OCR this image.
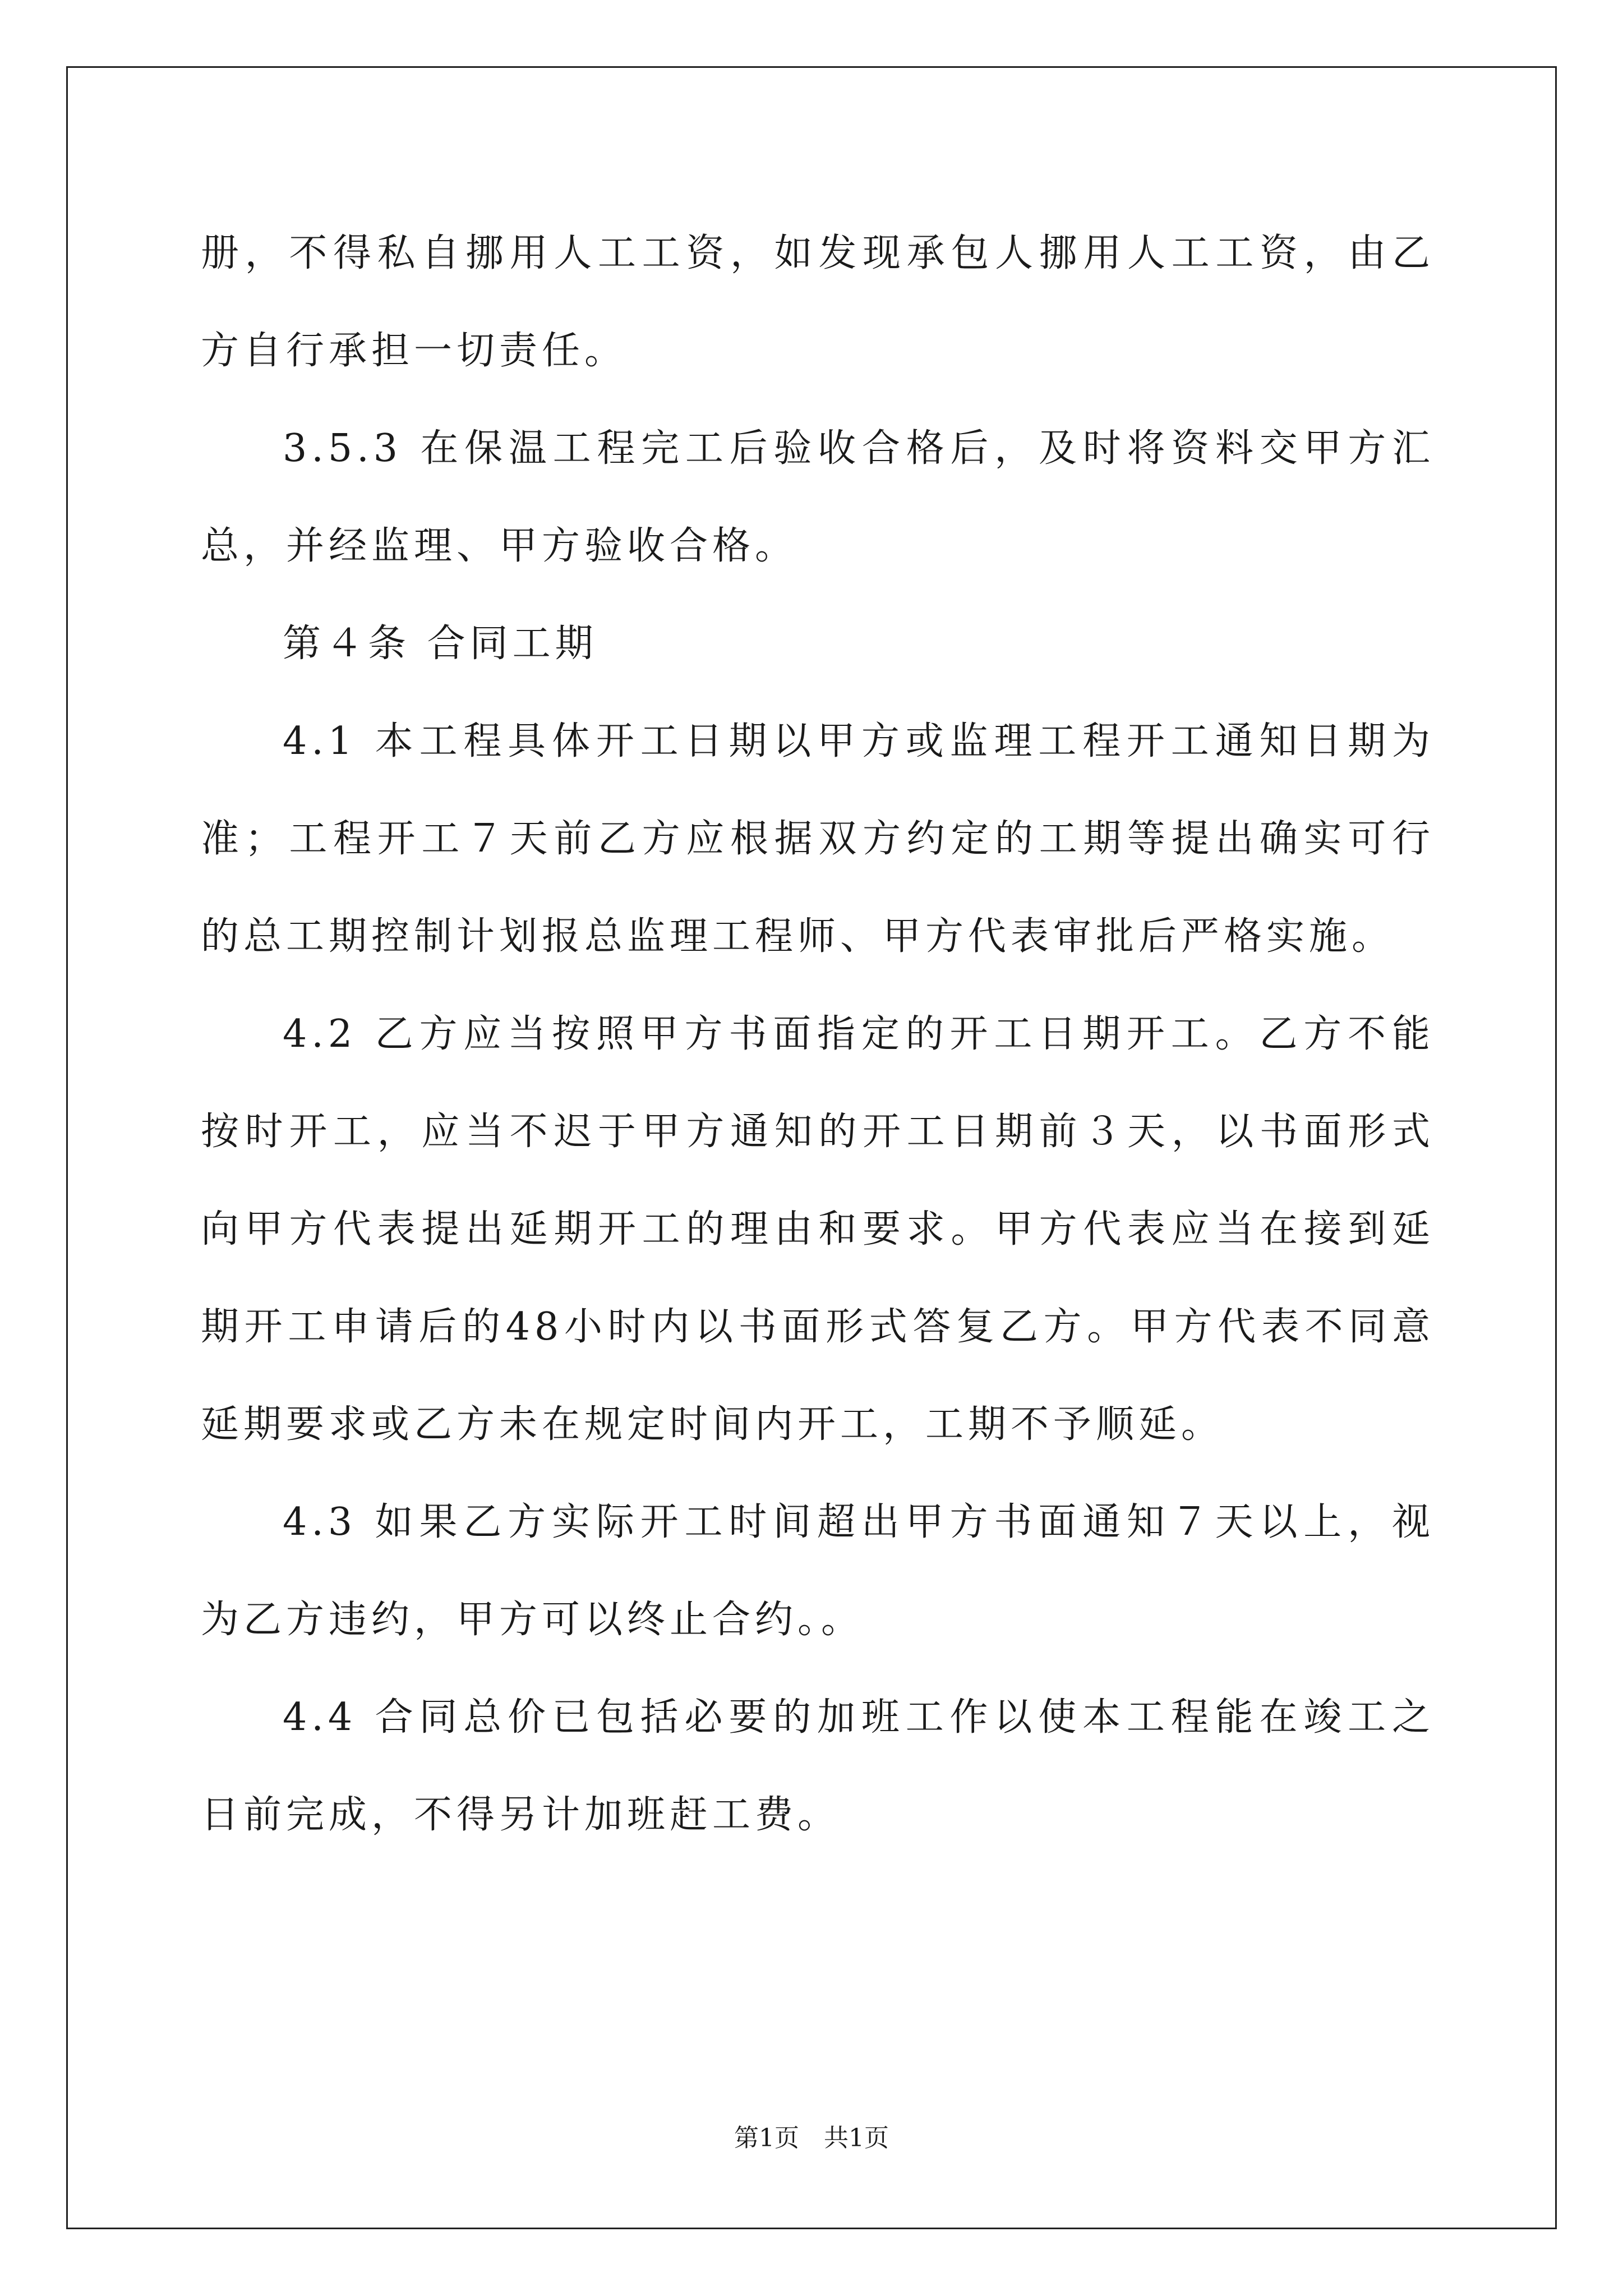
册，不得私自挪用人工工资，如发现承包人挪用人工工资，由乙方自行承担一切责任。

3.5.3 在保温工程完工后验收合格后，及时将资料交甲方汇总，并经监理、甲方验收合格。

第４条 合同工期

4.1 本工程具体开工日期以甲方或监理工程开工通知日期为准；工程开工７天前乙方应根据双方约定的工期等提出确实可行的总工期控制计划报总监理工程师、甲方代表审批后严格实施。

4.2 乙方应当按照甲方书面指定的开工日期开工。乙方不能按时开工，应当不迟于甲方通知的开工日期前３天，以书面形式向甲方代表提出延期开工的理由和要求。甲方代表应当在接到延期开工申请后的48小时内以书面形式答复乙方。甲方代表不同意延期要求或乙方未在规定时间内开工，工期不予顺延。

4.3 如果乙方实际开工时间超出甲方书面通知７天以上，视为乙方违约，甲方可以终止合约。。

4.4 合同总价已包括必要的加班工作以使本工程能在竣工之日前完成，不得另计加班赶工费。

第1页　共1页
